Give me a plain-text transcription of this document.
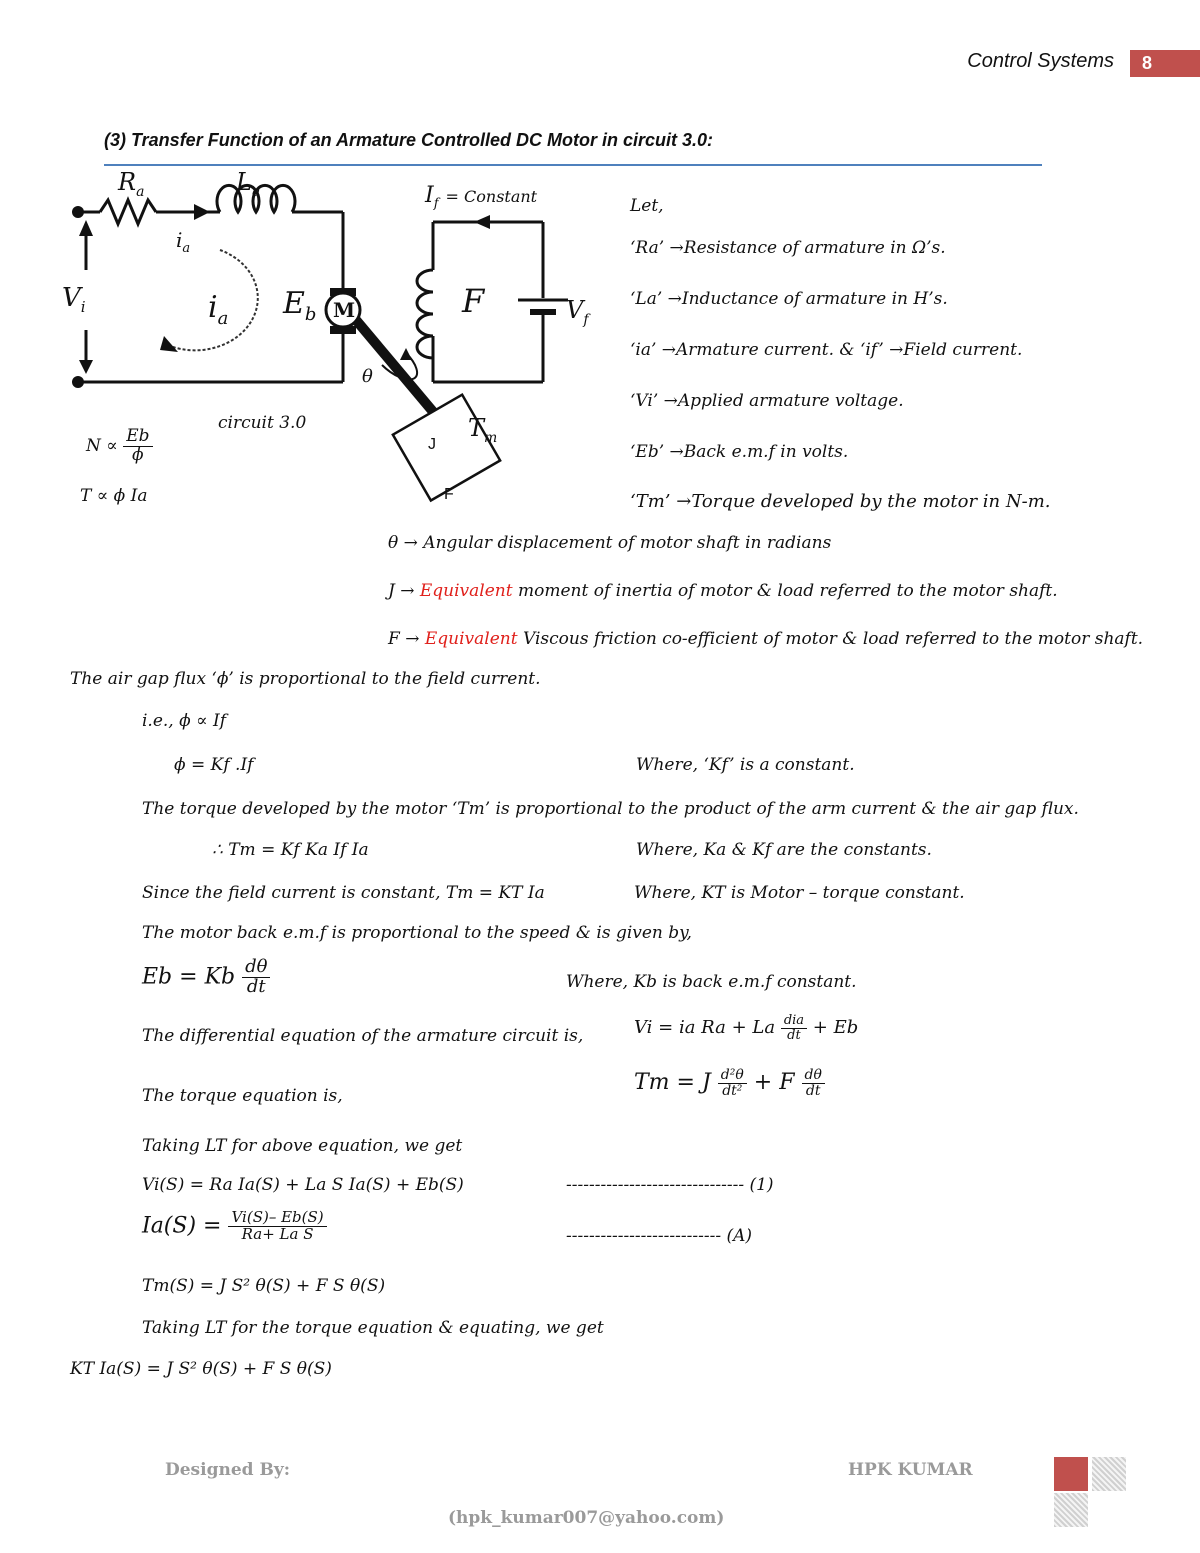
Control Systems	8
(3) Transfer Function of an Armature Controlled DC Motor in circuit 3.0:
$R_a$	$L_a$
$i_a$
$V_i$	$i_a$ $E_b$ M
$I_f$ = Constant
F	$V_f$
θ
$T_m$
J
F
circuit 3.0
$N \propto \frac{Eb}{\phi}$
T ∝ ϕ Ia
Let,
‘Ra’ →Resistance of armature in Ω’s.
‘La’ →Inductance of armature in H’s.
‘ia’ →Armature current. & ‘if’ →Field current.
‘Vi’ →Applied armature voltage.
‘Eb’ →Back e.m.f in volts.
‘Tm’ →Torque developed by the motor in N-m.
θ → Angular displacement of motor shaft in radians
J → Equivalent moment of inertia of motor & load referred to the motor shaft.
F → Equivalent Viscous friction co-efficient of motor & load referred to the motor shaft.
The air gap flux ‘ϕ’ is proportional to the field current.
i.e., ϕ ∝ If
ϕ = Kf .If	Where, ‘Kf’ is a constant.
The torque developed by the motor ‘Tm’ is proportional to the product of the arm current & the air gap flux.
∴ Tm = Kf Ka If Ia	Where, Ka & Kf are the constants.
Since the field current is constant, Tm = KT Ia	Where, KT is Motor – torque constant.
The motor back e.m.f is proportional to the speed & is given by,
Eb = Kb $\frac{d\theta}{dt}$	Where, Kb is back e.m.f constant.
The differential equation of the armature circuit is,	Vi = ia Ra + La $\frac{\text{dia}}{dt} + Eb$
The torque equation is,
Tm = J $\frac{\text{d²θ}}{\text{dt²}} + F \frac{d\theta}{dt}$
Taking LT for above equation, we get
Vi(S) = Ra Ia(S) + La S Ia(S) + Eb(S)	------------------------------- (1)
$Ia(S) = \frac{Vi(S)- Eb(S)}{\text{Ra+ La S}}$	--------------------------- (A)
Tm(S) = J S² θ(S) + F S θ(S)
Taking LT for the torque equation & equating, we get
KT Ia(S) = J S² θ(S) + F S θ(S)
Designed By:	HPK KUMAR
(hpk_kumar007@yahoo.com)
